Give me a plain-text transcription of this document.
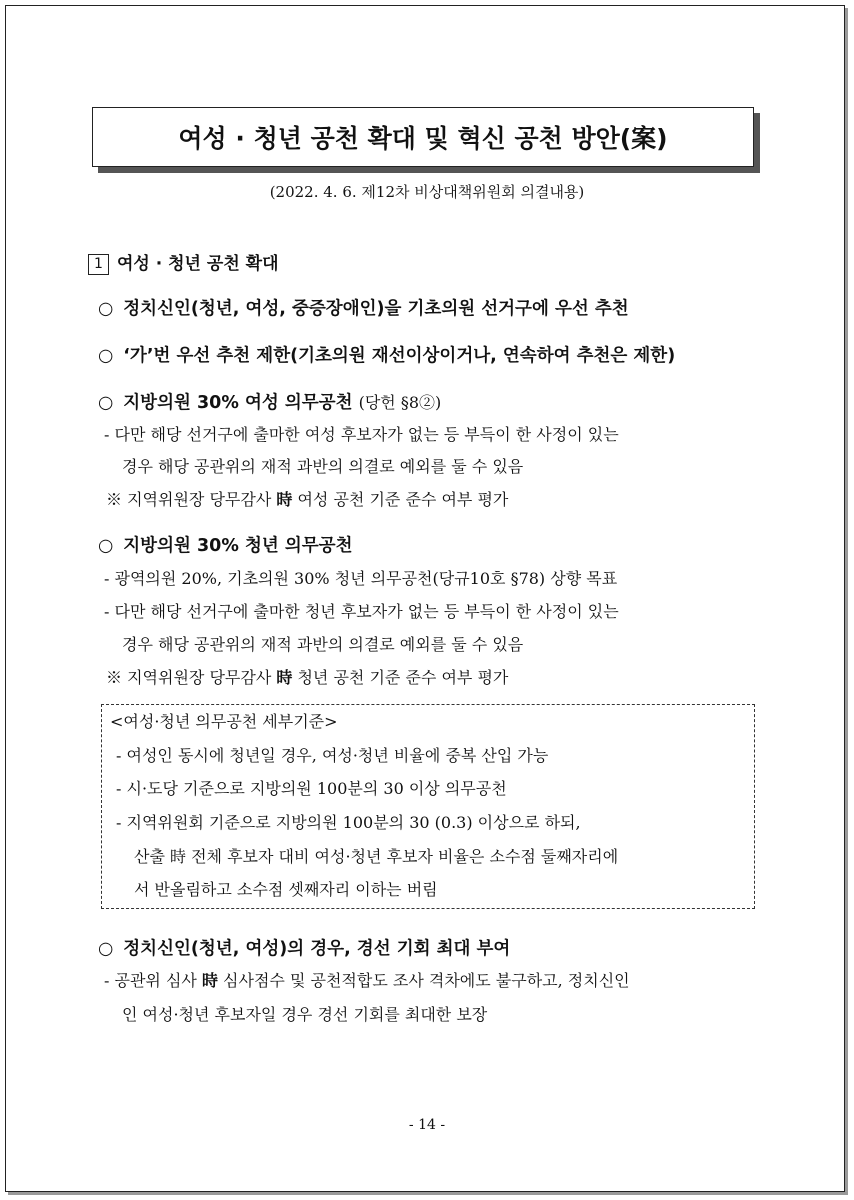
여성 · 청년 공천 확대 및 혁신 공천 방안(案)
(2022. 4. 6. 제12차 비상대책위원회 의결내용)
1 여성 · 청년 공천 확대
○ 정치신인(청년, 여성, 중증장애인)을 기초의원 선거구에 우선 추천
○ ‘가’번 우선 추천 제한(기초의원 재선이상이거나, 연속하여 추천은 제한)
○ 지방의원 30% 여성 의무공천 (당헌 §8②)
- 다만 해당 선거구에 출마한 여성 후보자가 없는 등 부득이 한 사정이 있는
경우 해당 공관위의 재적 과반의 의결로 예외를 둘 수 있음
※ 지역위원장 당무감사 時 여성 공천 기준 준수 여부 평가
○ 지방의원 30% 청년 의무공천
- 광역의원 20%, 기초의원 30% 청년 의무공천(당규10호 §78) 상향 목표
- 다만 해당 선거구에 출마한 청년 후보자가 없는 등 부득이 한 사정이 있는
경우 해당 공관위의 재적 과반의 의결로 예외를 둘 수 있음
※ 지역위원장 당무감사 時 청년 공천 기준 준수 여부 평가
<여성·청년 의무공천 세부기준>
- 여성인 동시에 청년일 경우, 여성·청년 비율에 중복 산입 가능
- 시·도당 기준으로 지방의원 100분의 30 이상 의무공천
- 지역위원회 기준으로 지방의원 100분의 30 (0.3) 이상으로 하되,
산출 時 전체 후보자 대비 여성·청년 후보자 비율은 소수점 둘째자리에
서 반올림하고 소수점 셋째자리 이하는 버림
○ 정치신인(청년, 여성)의 경우, 경선 기회 최대 부여
- 공관위 심사 時 심사점수 및 공천적합도 조사 격차에도 불구하고, 정치신인
인 여성·청년 후보자일 경우 경선 기회를 최대한 보장
- 14 -
